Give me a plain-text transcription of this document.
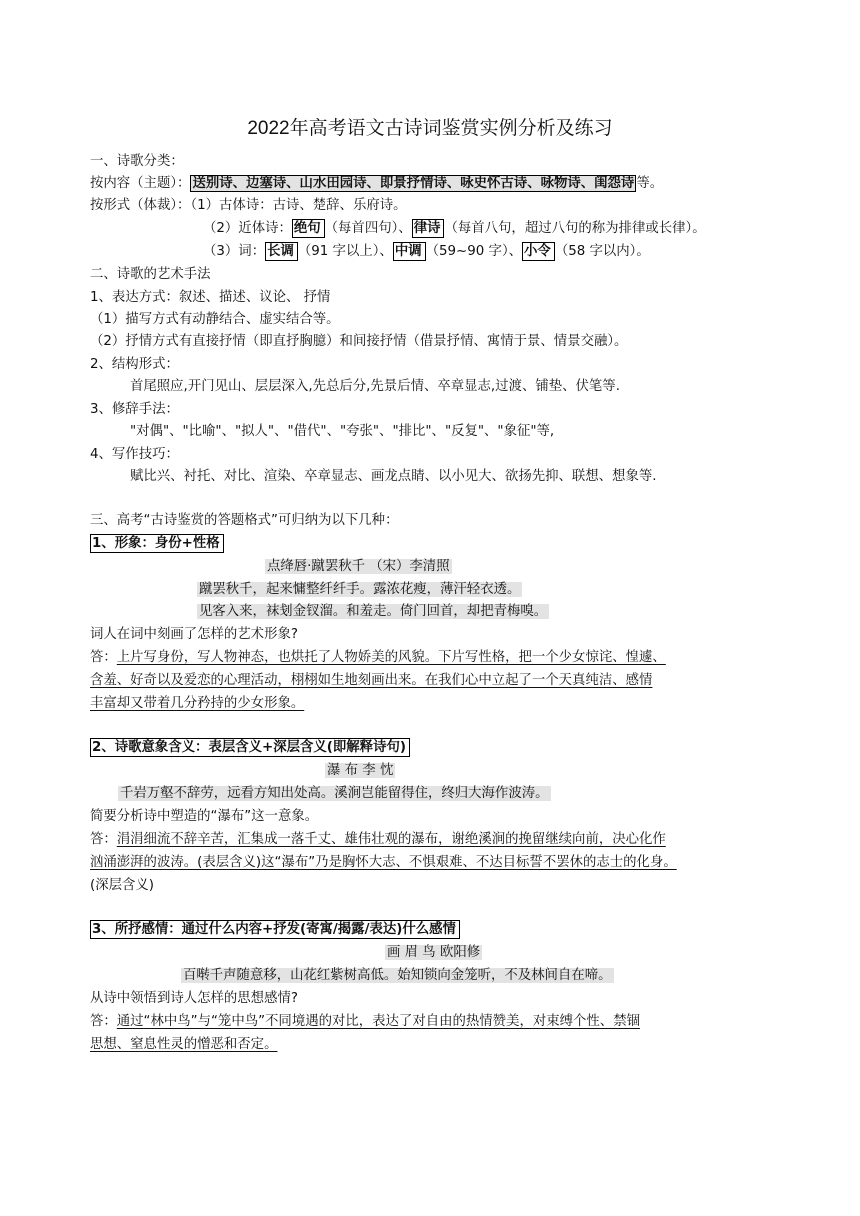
2022年高考语文古诗词鉴赏实例分析及练习
一、诗歌分类：
按内容（主题）： 送别诗、边塞诗、山水田园诗、即景抒情诗、咏史怀古诗、咏物诗、闺怨诗 等。
按形式（体裁）：（1）古体诗：古诗、楚辞、乐府诗。
（2）近体诗： 绝句 （每首四句）、 律诗 （每首八句，超过八句的称为排律或长律）。
（3）词： 长调 （91 字以上）、 中调 （59~90 字）、 小令 （58 字以内）。
二、诗歌的艺术手法
1、表达方式：叙述、描述、议论、 抒情
（1）描写方式有动静结合、虚实结合等。
（2）抒情方式有直接抒情（即直抒胸臆）和间接抒情（借景抒情、寓情于景、情景交融）。
2、结构形式：
首尾照应,开门见山、层层深入,先总后分,先景后情、卒章显志,过渡、铺垫、伏笔等.
3、修辞手法：
"对偶"、"比喻"、"拟人"、"借代"、"夸张"、"排比"、"反复"、"象征"等,
4、写作技巧：
赋比兴、衬托、对比、渲染、卒章显志、画龙点睛、以小见大、欲扬先抑、联想、想象等.
三、高考“古诗鉴赏的答题格式”可归纳为以下几种：
1、形象：身份+性格
点绛唇·蹴罢秋千 （宋）李清照
蹴罢秋千，起来慵整纤纤手。露浓花瘦，薄汗轻衣透。
见客入来，袜刬金钗溜。和羞走。倚门回首，却把青梅嗅。
词人在词中刻画了怎样的艺术形象?
答：上片写身份，写人物神态，也烘托了人物娇美的风貌。下片写性格，把一个少女惊诧、惶遽、
含羞、好奇以及爱恋的心理活动，栩栩如生地刻画出来。在我们心中立起了一个天真纯洁、感情
丰富却又带着几分矜持的少女形象。
2、诗歌意象含义：表层含义+深层含义(即解释诗句)
瀑 布 李 忱
千岩万壑不辞劳，远看方知出处高。溪涧岂能留得住，终归大海作波涛。
简要分析诗中塑造的“瀑布”这一意象。
答：涓涓细流不辞辛苦，汇集成一落千丈、雄伟壮观的瀑布，谢绝溪涧的挽留继续向前，决心化作
汹涌澎湃的波涛。(表层含义)这“瀑布”乃是胸怀大志、不惧艰难、不达目标誓不罢休的志士的化身。
(深层含义)
3、所抒感情：通过什么内容+抒发(寄寓/揭露/表达)什么感情
画 眉 鸟 欧阳修
百啭千声随意移，山花红紫树高低。始知锁向金笼听，不及林间自在啼。
从诗中领悟到诗人怎样的思想感情?
答：通过“林中鸟”与“笼中鸟”不同境遇的对比，表达了对自由的热情赞美，对束缚个性、禁锢
思想、窒息性灵的憎恶和否定。
